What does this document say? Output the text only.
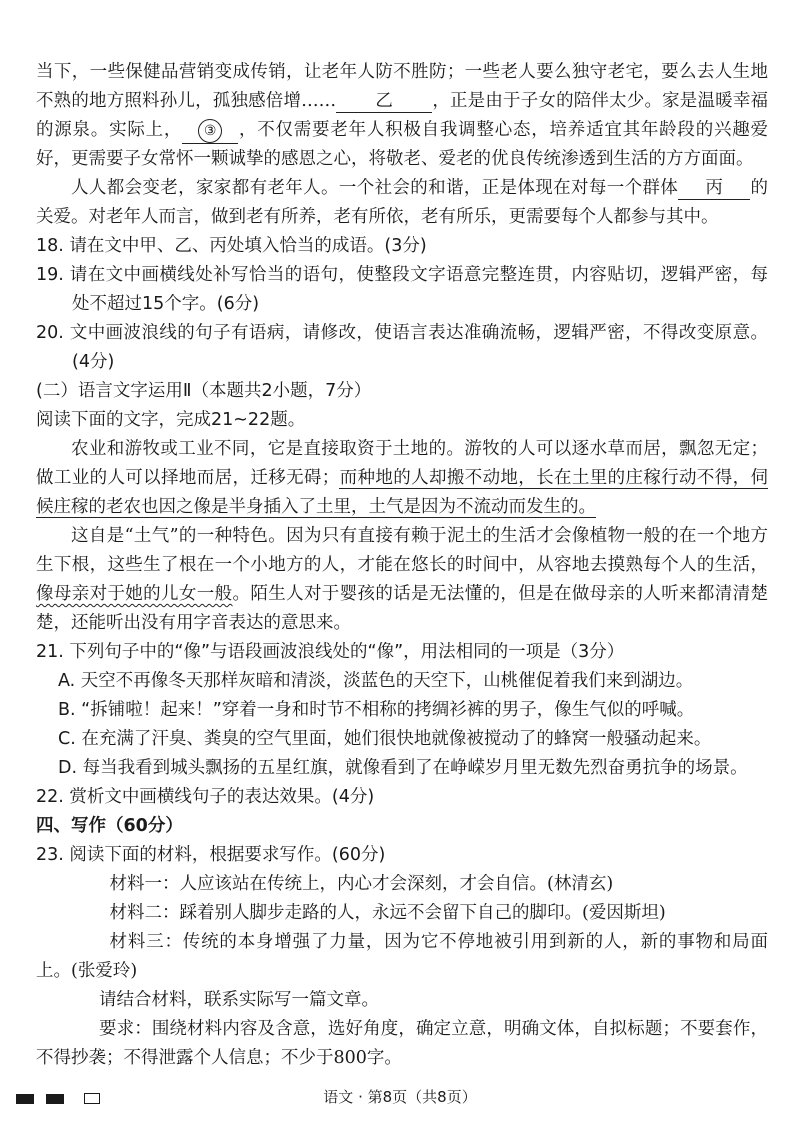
当下，一些保健品营销变成传销，让老年人防不胜防；一些老人要么独守老宅，要么去人生地不熟的地方照料孙儿，孤独感倍增…… 乙 ，正是由于子女的陪伴太少。家是温暖幸福的源泉。实际上， ③ ，不仅需要老年人积极自我调整心态，培养适宜其年龄段的兴趣爱好，更需要子女常怀一颗诚挚的感恩之心，将敬老、爱老的优良传统渗透到生活的方方面面。

人人都会变老，家家都有老年人。一个社会的和谐，正是体现在对每一个群体 丙 的关爱。对老年人而言，做到老有所养，老有所依，老有所乐，更需要每个人都参与其中。

18. 请在文中甲、乙、丙处填入恰当的成语。(3分)

19. 请在文中画横线处补写恰当的语句，使整段文字语意完整连贯，内容贴切，逻辑严密，每处不超过15个字。(6分)

20. 文中画波浪线的句子有语病，请修改，使语言表达准确流畅，逻辑严密，不得改变原意。(4分)

(二）语言文字运用Ⅱ（本题共2小题，7分）

阅读下面的文字，完成21~22题。

农业和游牧或工业不同，它是直接取资于土地的。游牧的人可以逐水草而居，飘忽无定；做工业的人可以择地而居，迁移无碍；而种地的人却搬不动地，长在土里的庄稼行动不得，伺候庄稼的老农也因之像是半身插入了土里，土气是因为不流动而发生的。

这自是“土气”的一种特色。因为只有直接有赖于泥土的生活才会像植物一般的在一个地方生下根，这些生了根在一个小地方的人，才能在悠长的时间中，从容地去摸熟每个人的生活，像母亲对于她的儿女一般。陌生人对于婴孩的话是无法懂的，但是在做母亲的人听来都清清楚楚，还能听出没有用字音表达的意思来。

21. 下列句子中的“像”与语段画波浪线处的“像”，用法相同的一项是（3分）

A. 天空不再像冬天那样灰暗和清淡，淡蓝色的天空下，山桃催促着我们来到湖边。

B. “拆铺啦！起来！”穿着一身和时节不相称的拷绸衫裤的男子，像生气似的呼喊。

C. 在充满了汗臭、粪臭的空气里面，她们很快地就像被搅动了的蜂窝一般骚动起来。

D. 每当我看到城头飘扬的五星红旗，就像看到了在峥嵘岁月里无数先烈奋勇抗争的场景。

22. 赏析文中画横线句子的表达效果。(4分)

四、写作（60分）

23. 阅读下面的材料，根据要求写作。(60分)

材料一：人应该站在传统上，内心才会深刻，才会自信。(林清玄)

材料二：踩着别人脚步走路的人，永远不会留下自己的脚印。(爱因斯坦)

材料三：传统的本身增强了力量，因为它不停地被引用到新的人，新的事物和局面上。(张爱玲)

请结合材料，联系实际写一篇文章。

要求：围绕材料内容及含意，选好角度，确定立意，明确文体，自拟标题；不要套作，不得抄袭；不得泄露个人信息；不少于800字。

语文 · 第8页（共8页）
